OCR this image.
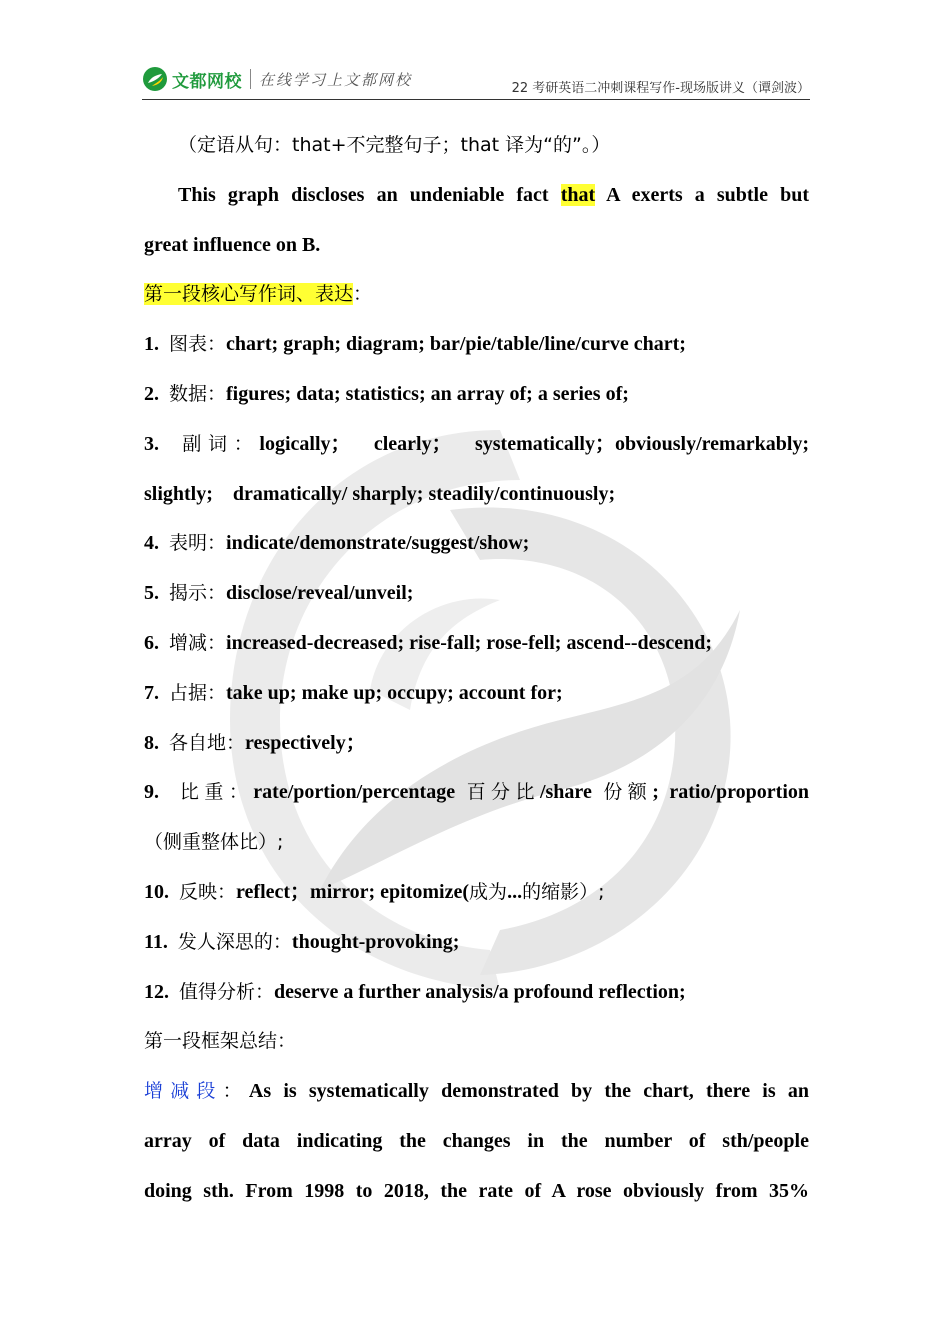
文都网校 在线学习上文都网校	22 考研英语二冲刺课程写作-现场版讲义（谭剑波）
（定语从句：that+不完整句子；that 译为“的”。）
This graph discloses an undeniable fact that A exerts a subtle but
great influence on B.
第一段核心写作词、表达：
1. 图表：chart; graph; diagram; bar/pie/table/line/curve chart;
2. 数据：figures; data; statistics; an array of; a series of;
3. 副词：logically； clearly； systematically；obviously/remarkably;
slightly; dramatically/ sharply; steadily/continuously;
4. 表明：indicate/demonstrate/suggest/show;
5. 揭示：disclose/reveal/unveil;
6. 增减：increased-decreased; rise-fall; rose-fell; ascend--descend;
7. 占据：take up; make up; occupy; account for;
8. 各自地：respectively；
9. 比重：rate/portion/percentage 百分比/share 份额; ratio/proportion
（侧重整体比）;
10. 反映：reflect；mirror; epitomize(成为...的缩影）;
11. 发人深思的：thought-provoking;
12. 值得分析：deserve a further analysis/a profound reflection;
第一段框架总结：
增减段：As is systematically demonstrated by the chart, there is an
array of data indicating the changes in the number of sth/people
doing sth. From 1998 to 2018, the rate of A rose obviously from 35%
